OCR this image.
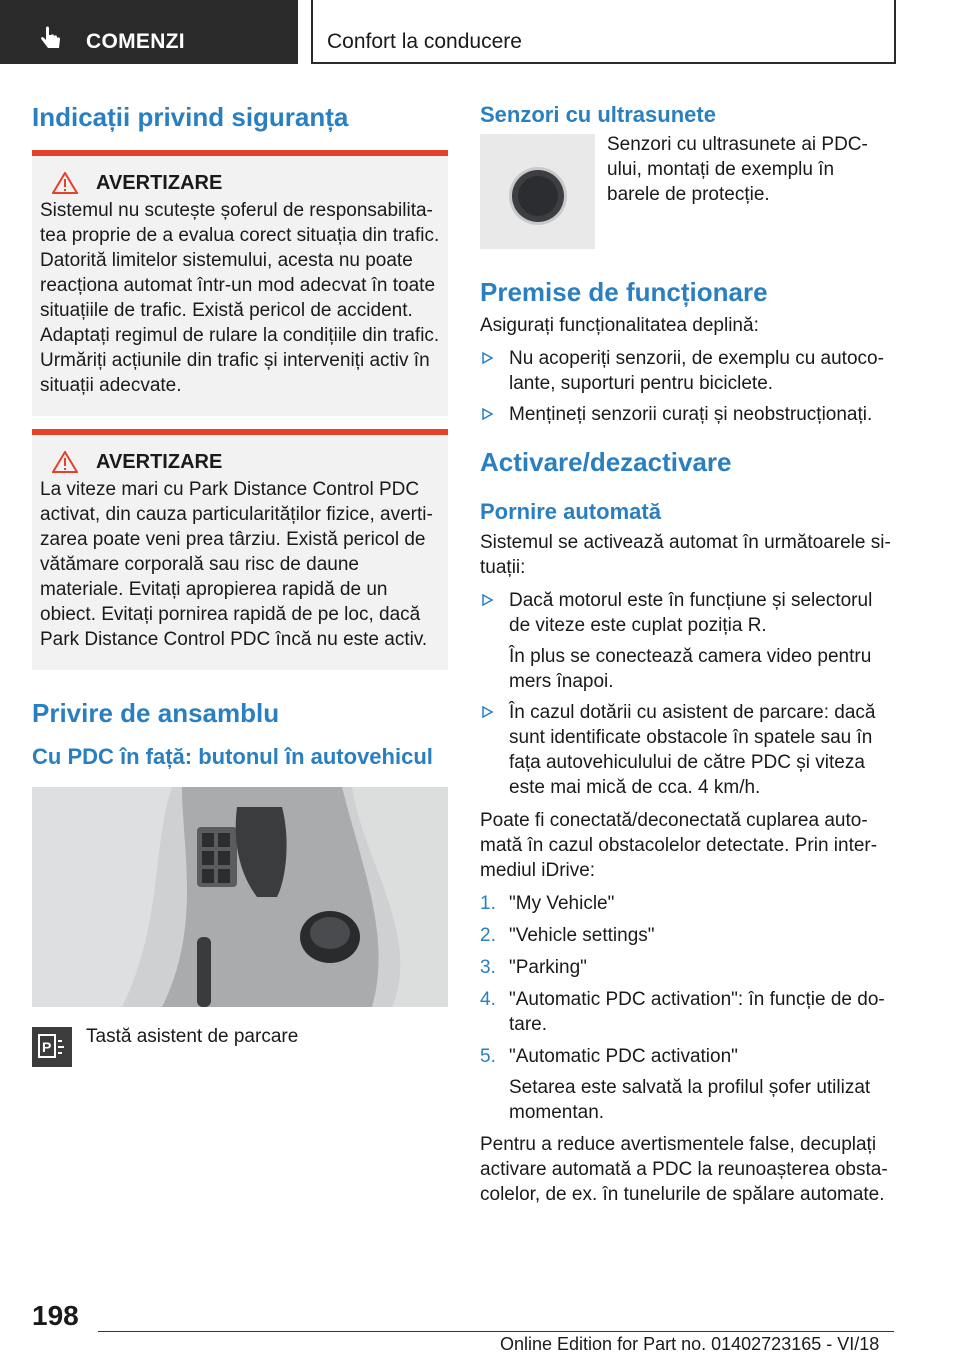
COMENZI	Confort la conducere
Indicații privind siguranța
AVERTIZARE

Sistemul nu scutește șoferul de responsabilitatea proprie de a evalua corect situația din trafic. Datorită limitelor sistemului, acesta nu poate reacționa automat într-un mod adecvat în toate situațiile de trafic. Există pericol de accident. Adaptați regimul de rulare la condițiile din trafic. Urmăriți acțiunile din trafic și interveniți activ în situații adecvate.

AVERTIZARE

La viteze mari cu Park Distance Control PDC activat, din cauza particularităților fizice, avertizarea poate veni prea târziu. Există pericol de vătămare corporală sau risc de daune materiale. Evitați apropierea rapidă de un obiect. Evitați pornirea rapidă de pe loc, dacă Park Distance Control PDC încă nu este activ.

Privire de ansamblu
Cu PDC în față: butonul în autovehicul
P Tastă asistent de parcare

Senzori cu ultrasunete

Senzori cu ultrasunete ai PDC-ului, montați de exemplu în barele de protecție.

Premise de funcționare

Asigurați funcționalitatea deplină:

Nu acoperiți senzorii, de exemplu cu autocolante, suporturi pentru biciclete.
Mențineți senzorii curați și neobstrucționați.
Activare/dezactivare
Pornire automată

Sistemul se activează automat în următoarele situații:

Dacă motorul este în funcțiune și selectorul de viteze este cuplat poziția R.
În plus se conectează camera video pentru mers înapoi.
În cazul dotării cu asistent de parcare: dacă sunt identificate obstacole în spatele sau în fața autovehiculului de către PDC și viteza este mai mică de cca. 4 km/h.

Poate fi conectată/deconectată cuplarea automată în cazul obstacolelor detectate. Prin intermediul iDrive:

1. "My Vehicle"
2. "Vehicle settings"
3. "Parking"
4. "Automatic PDC activation": în funcție de dotare.
5. "Automatic PDC activation"
Setarea este salvată la profilul șofer utilizat momentan.

Pentru a reduce avertismentele false, decuplați activare automată a PDC la reunoașterea obstacolelor, de ex. în tunelurile de spălare automate.

198
Online Edition for Part no. 01402723165 - VI/18
